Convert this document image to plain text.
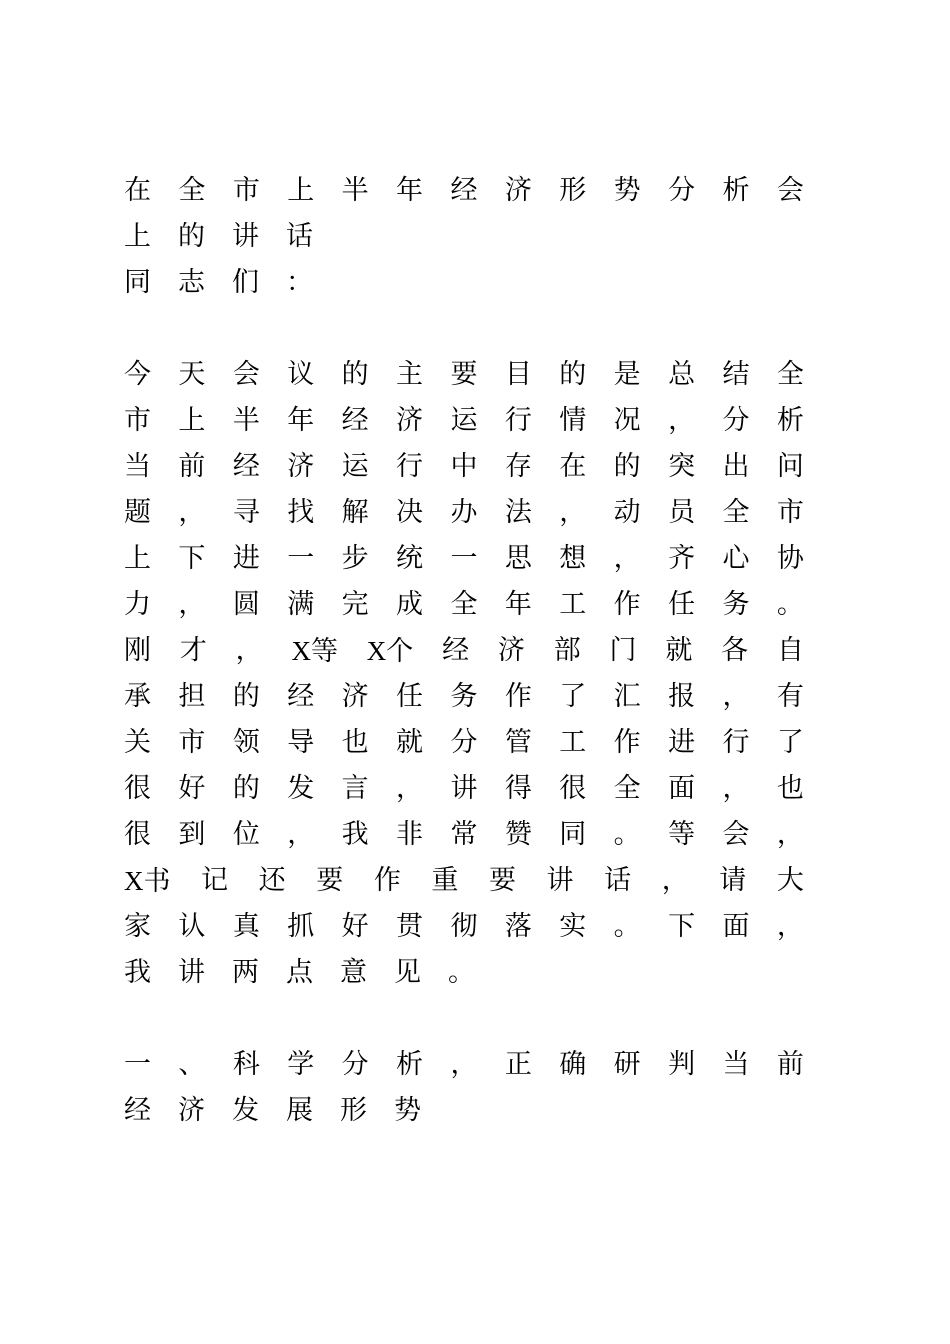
在 全 市 上 半 年 经 济 形 势 分 析 会
上 的 讲 话
同 志 们 ：
今 天 会 议 的 主 要 目 的 是 总 结 全
市 上 半 年 经 济 运 行 情 况 ， 分 析
当 前 经 济 运 行 中 存 在 的 突 出 问
题 ， 寻 找 解 决 办 法 ， 动 员 全 市
上 下 进 一 步 统 一 思 想 ， 齐 心 协
力 ， 圆 满 完 成 全 年 工 作 任 务 。
刚 才 ， X等 X个 经 济 部 门 就 各 自
承 担 的 经 济 任 务 作 了 汇 报 ， 有
关 市 领 导 也 就 分 管 工 作 进 行 了
很 好 的 发 言 ， 讲 得 很 全 面 ， 也
很 到 位 ， 我 非 常 赞 同 。 等 会 ，
X书 记 还 要 作 重 要 讲 话 ， 请 大
家 认 真 抓 好 贯 彻 落 实 。 下 面 ，
我 讲 两 点 意 见 。
一 、 科 学 分 析 ， 正 确 研 判 当 前
经 济 发 展 形 势
